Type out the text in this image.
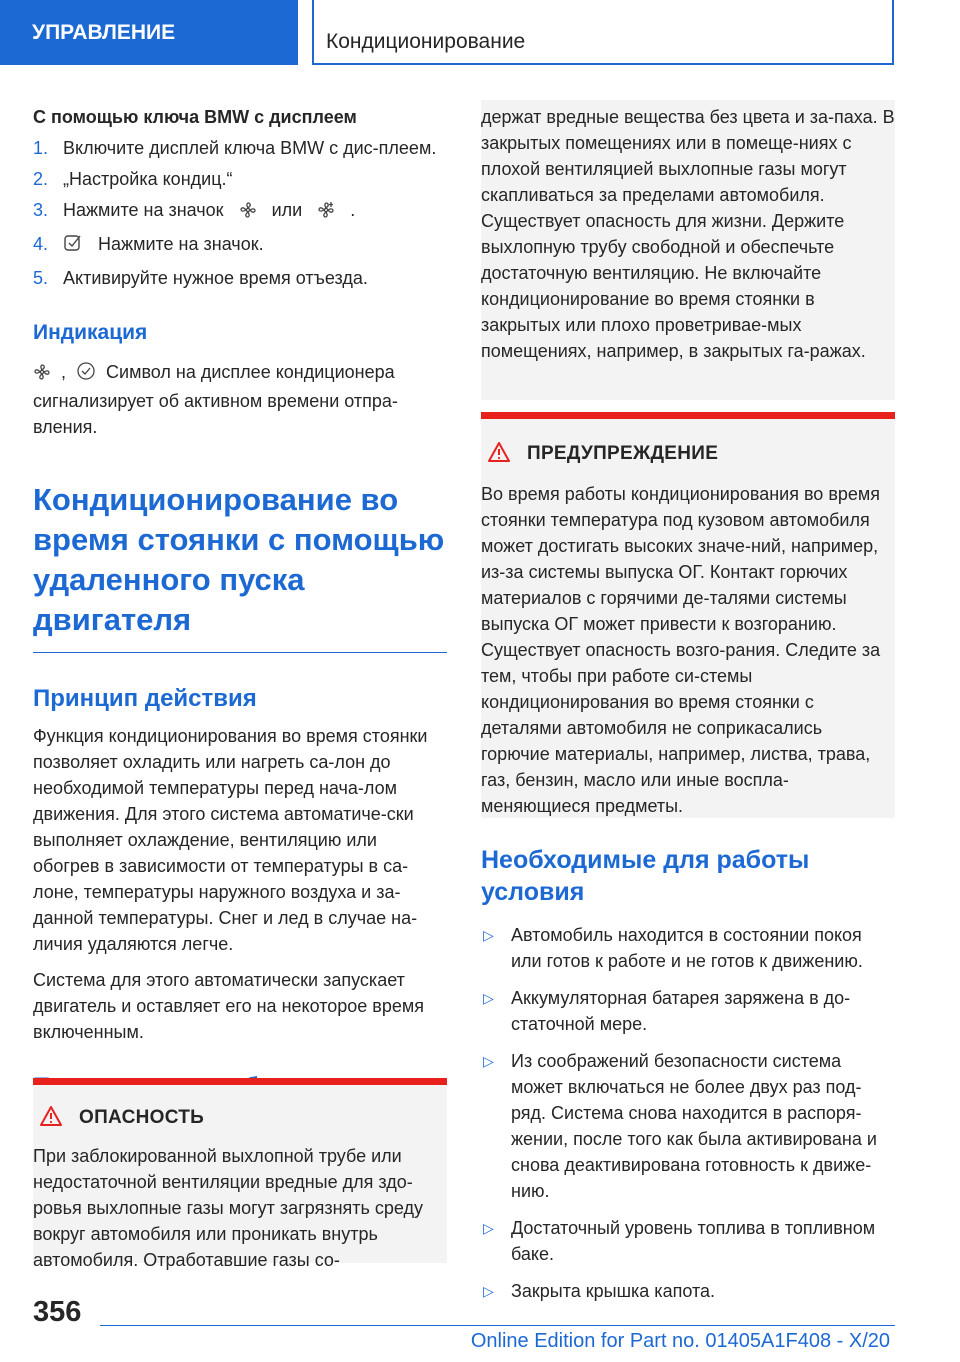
УПРАВЛЕНИЕ	Кондиционирование

С помощью ключа BMW с дисплеем

1. Включите дисплей ключа BMW с дис-плеем.
2. „Настройка кондиц.“
3. Нажмите на значок	или	.
4.	Нажмите на значок.
5. Активируйте нужное время отъезда.
Индикация

, Символ на дисплее кондиционера сигнализирует об активном времени отпра-вления.

Кондиционирование во время стоянки с помощью удаленного пуска двигателя
Принцип действия

Функция кондиционирования во время стоянки позволяет охладить или нагреть са-лон до необходимой температуры перед нача-лом движения. Для этого система автоматиче-ски выполняет охлаждение, вентиляцию или обогрев в зависимости от температуры в са-лоне, температуры наружного воздуха и за-данной температуры. Снег и лед в случае на-личия удаляются легче.

Система для этого автоматически запускает двигатель и оставляет его на некоторое время включенным.

ОПАСНОСТЬ

При заблокированной выхлопной трубе или недостаточной вентиляции вредные для здо-ровья выхлопные газы могут загрязнять среду вокруг автомобиля или проникать внутрь автомобиля. Отработавшие газы со-

держат вредные вещества без цвета и за-паха. В закрытых помещениях или в помеще-ниях с плохой вентиляцией выхлопные газы могут скапливаться за пределами автомобиля. Существует опасность для жизни. Держите выхлопную трубу свободной и обеспечьте достаточную вентиляцию. Не включайте кондиционирование во время стоянки в закрытых или плохо проветривае-мых помещениях, например, в закрытых га-ражах.

ПРЕДУПРЕЖДЕНИЕ

Во время работы кондиционирования во время стоянки температура под кузовом автомобиля может достигать высоких значе-ний, например, из-за системы выпуска ОГ. Контакт горючих материалов с горячими де-талями системы выпуска ОГ может привести к возгоранию. Существует опасность возго-рания. Следите за тем, чтобы при работе си-стемы кондиционирования во время стоянки с деталями автомобиля не соприкасались горючие материалы, например, листва, трава, газ, бензин, масло или иные воспла-меняющиеся предметы.

Необходимые для работы условия
▷ Автомобиль находится в состоянии покоя или готов к работе и не готов к движению.
▷ Аккумуляторная батарея заряжена в до-статочной мере.
▷ Из соображений безопасности система может включаться не более двух раз под-ряд. Система снова находится в распоря-жении, после того как была активирована и снова деактивирована готовность к движе-нию.
▷ Достаточный уровень топлива в топливном баке.
▷ Закрыта крышка капота.
356
Online Edition for Part no. 01405A1F408 - X/20
